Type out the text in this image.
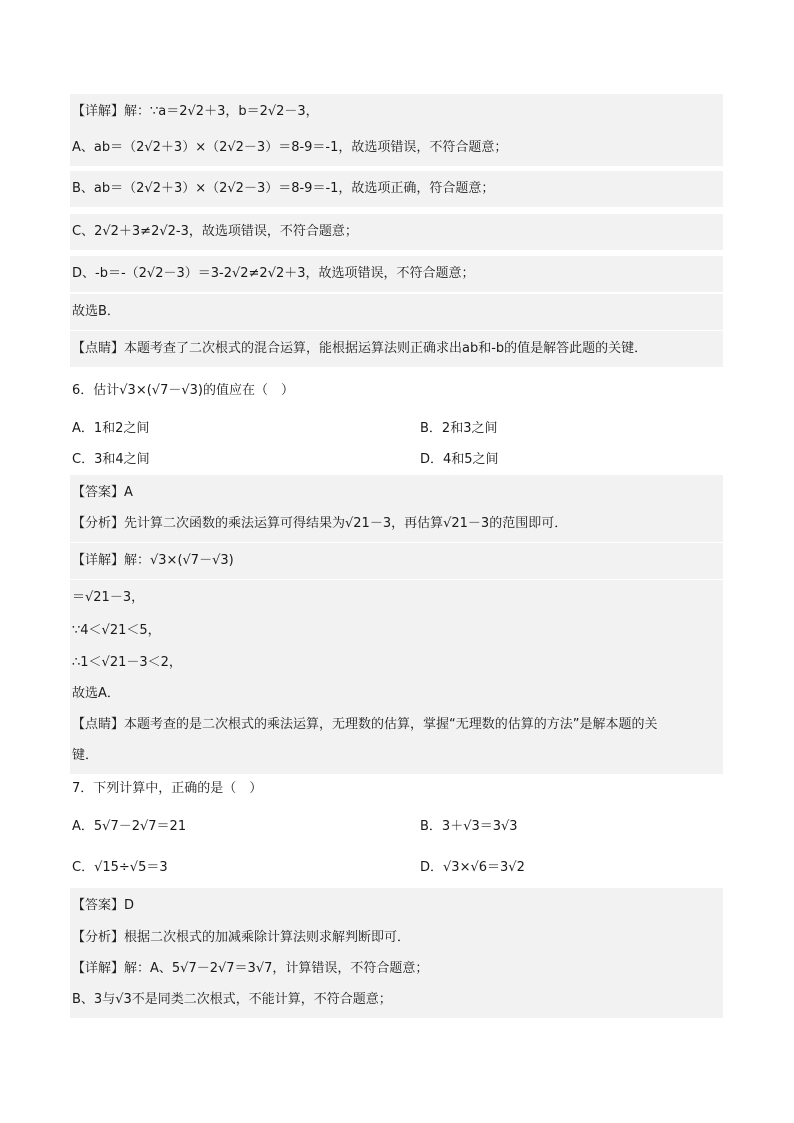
【详解】解：∵a＝2√2＋3，b＝2√2－3，
A、ab＝（2√2＋3）×（2√2－3）＝8-9＝-1，故选项错误，不符合题意；
B、ab＝（2√2＋3）×（2√2－3）＝8-9＝-1，故选项正确，符合题意；
C、2√2＋3≠2√2-3，故选项错误，不符合题意；
D、-b＝-（2√2－3）＝3-2√2≠2√2＋3，故选项错误，不符合题意；
故选B．
【点睛】本题考查了二次根式的混合运算，能根据运算法则正确求出ab和-b的值是解答此题的关键．
6．估计√3×(√7－√3)的值应在（　）
A．1和2之间	B．2和3之间
C．3和4之间	D．4和5之间
【答案】A
【分析】先计算二次函数的乘法运算可得结果为√21－3，再估算√21－3的范围即可．
【详解】解：√3×(√7－√3)
＝√21－3，
∵4＜√21＜5，
∴1＜√21－3＜2，
故选A．
【点睛】本题考查的是二次根式的乘法运算，无理数的估算，掌握“无理数的估算的方法”是解本题的关
键．
7．下列计算中，正确的是（　）
A．5√7－2√7＝21	B．3＋√3＝3√3
C．√15÷√5＝3	D．√3×√6＝3√2
【答案】D
【分析】根据二次根式的加减乘除计算法则求解判断即可．
【详解】解：A、5√7－2√7＝3√7，计算错误，不符合题意；
B、3与√3不是同类二次根式，不能计算，不符合题意；
